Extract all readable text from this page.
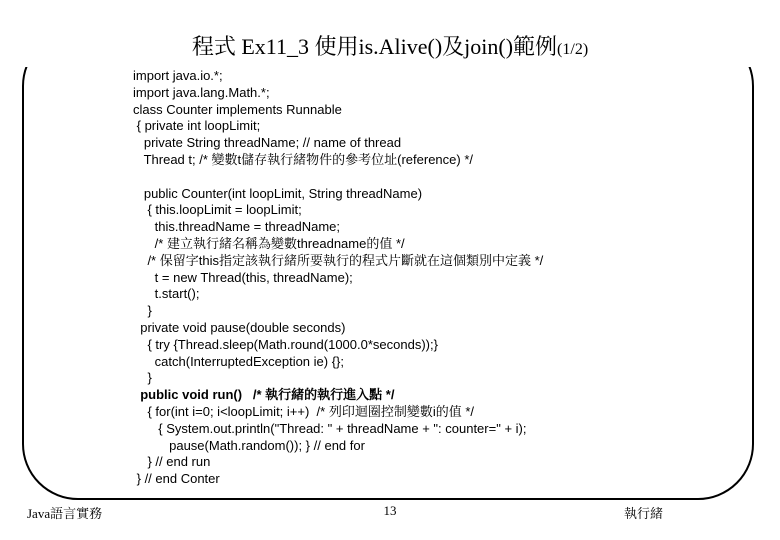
程式 Ex11_3 使用is.Alive()及join()範例(1/2)
import java.io.*;
import java.lang.Math.*;
class Counter implements Runnable
{ private int loopLimit;
private String threadName; // name of thread
Thread t; /* 變數t儲存執行緒物件的參考位址(reference) */
public Counter(int loopLimit, String threadName)
{ this.loopLimit = loopLimit;
this.threadName = threadName;
/* 建立執行緒名稱為變數threadname的值 */
/* 保留字this指定該執行緒所要執行的程式片斷就在這個類別中定義 */
t = new Thread(this, threadName);
t.start();
}
private void pause(double seconds)
{ try {Thread.sleep(Math.round(1000.0*seconds));}
catch(InterruptedException ie) {};
}
public void run()   /* 執行緒的執行進入點 */
{ for(int i=0; i<loopLimit; i++)  /* 列印迴圈控制變數i的值 */
{ System.out.println("Thread: " + threadName + ": counter=" + i);
pause(Math.random()); } // end for
} // end run
} // end Conter
Java語言實務	13	執行緒
